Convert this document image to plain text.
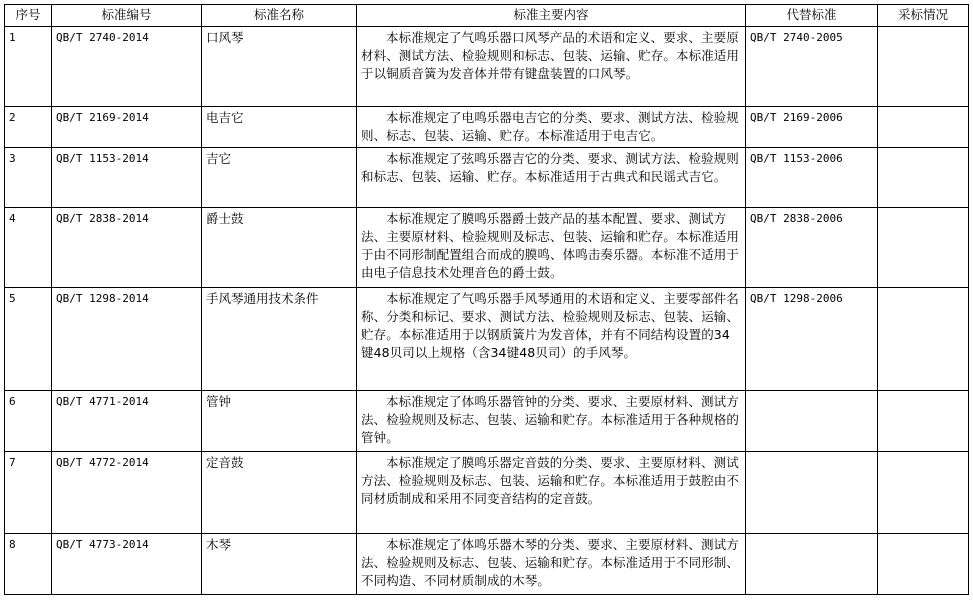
序号	标准编号	标准名称	标准主要内容	代替标准	采标情况
1	QB/T 2740-2014	口风琴	本标准规定了气鸣乐器口风琴产品的术语和定义、要求、主要原材料、测试方法、检验规则和标志、包装、运输、贮存。本标准适用于以铜质音簧为发音体并带有键盘装置的口风琴。	QB/T 2740-2005	
2	QB/T 2169-2014	电吉它	本标准规定了电鸣乐器电吉它的分类、要求、测试方法、检验规则、标志、包装、运输、贮存。本标准适用于电吉它。	QB/T 2169-2006	
3	QB/T 1153-2014	吉它	本标准规定了弦鸣乐器吉它的分类、要求、测试方法、检验规则和标志、包装、运输、贮存。本标准适用于古典式和民谣式吉它。	QB/T 1153-2006	
4	QB/T 2838-2014	爵士鼓	本标准规定了膜鸣乐器爵士鼓产品的基本配置、要求、测试方法、主要原材料、检验规则及标志、包装、运输和贮存。本标准适用于由不同形制配置组合而成的膜鸣、体鸣击奏乐器。本标准不适用于由电子信息技术处理音色的爵士鼓。	QB/T 2838-2006	
5	QB/T 1298-2014	手风琴通用技术条件	本标准规定了气鸣乐器手风琴通用的术语和定义、主要零部件名称、分类和标记、要求、测试方法、检验规则及标志、包装、运输、贮存。本标准适用于以钢质簧片为发音体，并有不同结构设置的34键48贝司以上规格（含34键48贝司）的手风琴。	QB/T 1298-2006	
6	QB/T 4771-2014	管钟	本标准规定了体鸣乐器管钟的分类、要求、主要原材料、测试方法、检验规则及标志、包装、运输和贮存。本标准适用于各种规格的管钟。		
7	QB/T 4772-2014	定音鼓	本标准规定了膜鸣乐器定音鼓的分类、要求、主要原材料、测试方法、检验规则及标志、包装、运输和贮存。本标准适用于鼓腔由不同材质制成和采用不同变音结构的定音鼓。		
8	QB/T 4773-2014	木琴	本标准规定了体鸣乐器木琴的分类、要求、主要原材料、测试方法、检验规则及标志、包装、运输和贮存。本标准适用于不同形制、不同构造、不同材质制成的木琴。		
